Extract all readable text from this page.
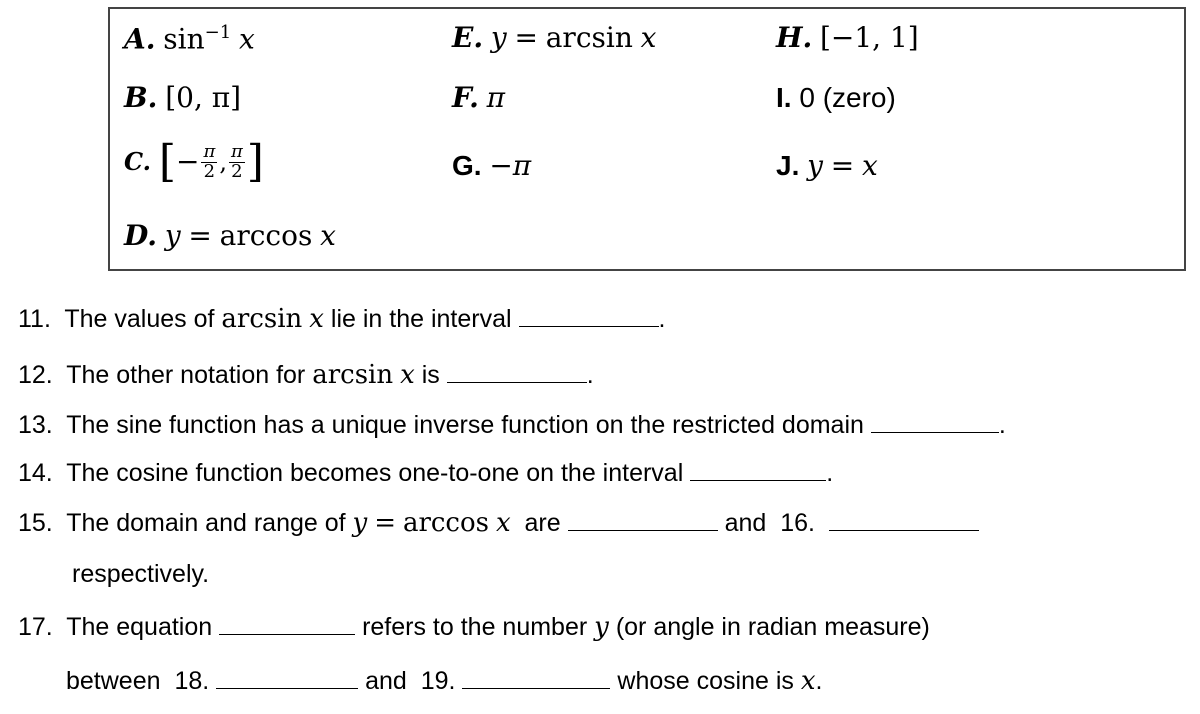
A. $\sin^{-1} x$
B. [0, π]
C. [− $\frac{\pi}{2}$ , $\frac{\pi}{2}$ ]
D. y = arccos x
E. y = arcsin x
F. π
G. −π
H. [−1, 1]
I. 0 (zero)
J. y = x
11. The values of arcsin x lie in the interval	.
12. The other notation for arcsin x is	.
13. The sine function has a unique inverse function on the restricted domain	.
14. The cosine function becomes one-to-one on the interval	.
15. The domain and range of y = arccos x are	and 16.
respectively.
17. The equation	refers to the number y (or angle in radian measure)
between 18.	and 19.	whose cosine is x.
